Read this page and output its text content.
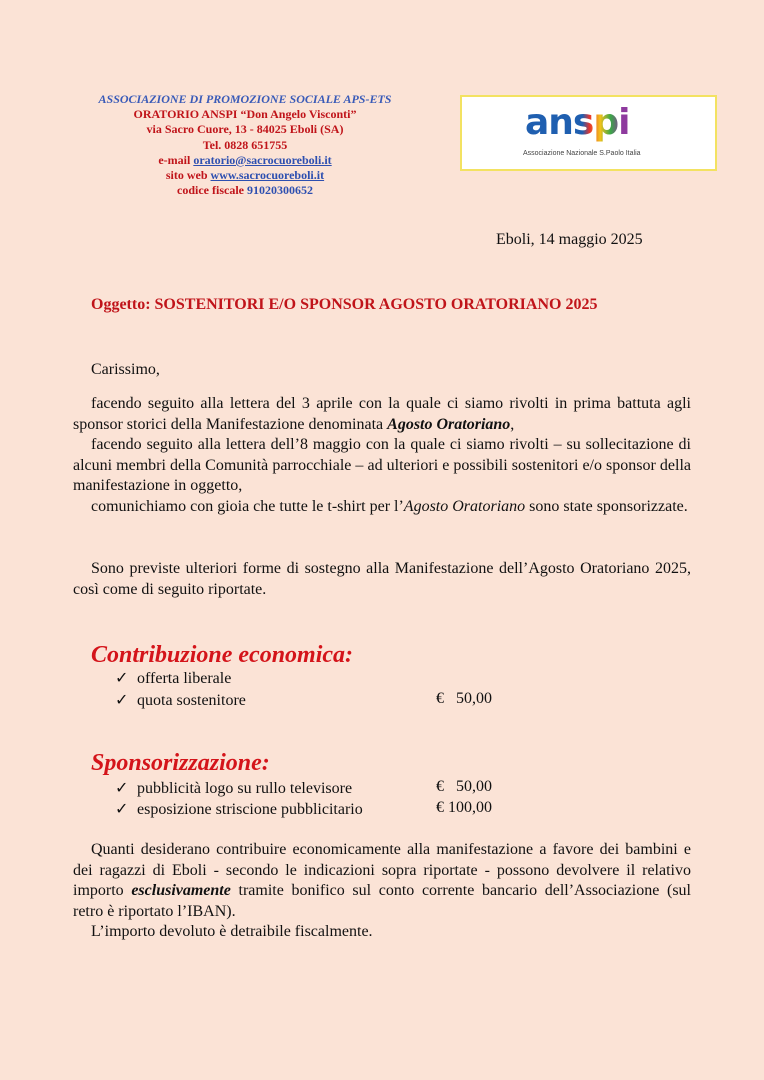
ASSOCIAZIONE DI PROMOZIONE SOCIALE APS-ETS
ORATORIO ANSPI “Don Angelo Visconti”
via Sacro Cuore, 13 - 84025 Eboli (SA)
Tel. 0828 651755
e-mail oratorio@sacrocuoreboli.it
sito web www.sacrocuoreboli.it
codice fiscale 91020300652
anspi
Associazione Nazionale S.Paolo Italia
Eboli, 14 maggio 2025
Oggetto: SOSTENITORI E/O SPONSOR AGOSTO ORATORIANO 2025
Carissimo,
facendo seguito alla lettera del 3 aprile con la quale ci siamo rivolti in prima battuta agli sponsor storici della Manifestazione denominata Agosto Oratoriano,
facendo seguito alla lettera dell’8 maggio con la quale ci siamo rivolti – su sollecitazione di alcuni membri della Comunità parrocchiale – ad ulteriori e possibili sostenitori e/o sponsor della manifestazione in oggetto,
comunichiamo con gioia che tutte le t-shirt per l’Agosto Oratoriano sono state sponsorizzate.
Sono previste ulteriori forme di sostegno alla Manifestazione dell’Agosto Oratoriano 2025, così come di seguito riportate.
Contribuzione economica:
✓ offerta liberale
✓ quota sostenitore	€   50,00
Sponsorizzazione:
✓ pubblicità logo su rullo televisore	€   50,00
✓ esposizione striscione pubblicitario	€ 100,00
Quanti desiderano contribuire economicamente alla manifestazione a favore dei bambini e dei ragazzi di Eboli - secondo le indicazioni sopra riportate - possono devolvere il relativo importo esclusivamente tramite bonifico sul conto corrente bancario dell’Associazione (sul retro è riportato l’IBAN).
L’importo devoluto è detraibile fiscalmente.
